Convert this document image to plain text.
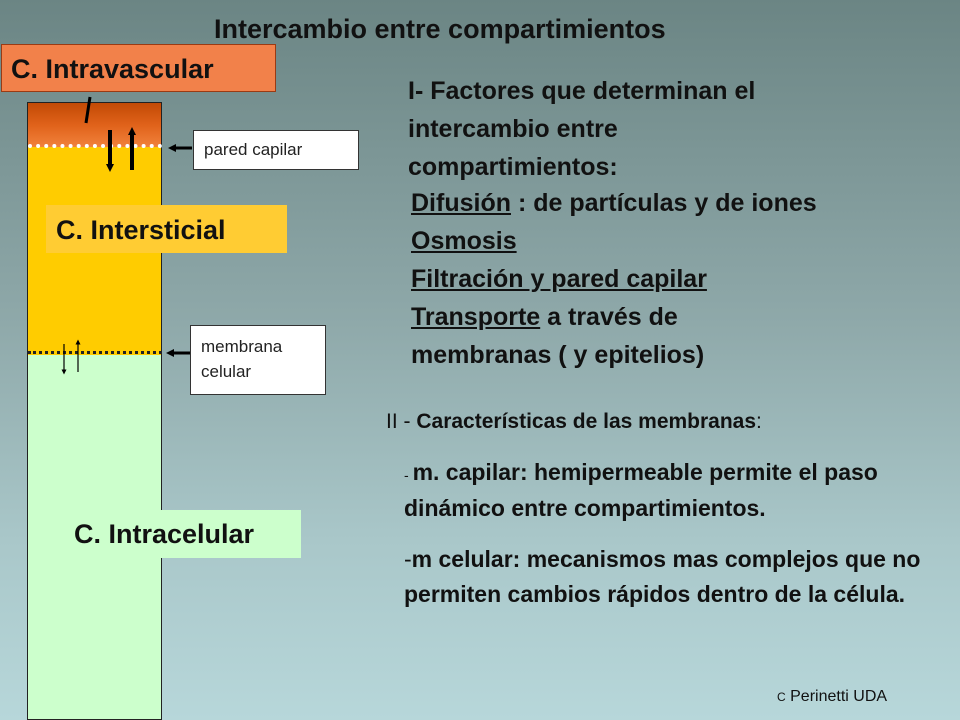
Intercambio entre compartimientos
C. Intravascular
C. Intersticial
C. Intracelular
pared capilar
membrana
celular
I- Factores que determinan el
intercambio entre
compartimientos:
Difusión : de partículas y de iones
Osmosis
Filtración y pared capilar
Transporte a través de
membranas ( y epitelios)
II - Características de las membranas:
- m. capilar: hemipermeable permite el paso dinámico entre compartimientos.
-m celular: mecanismos mas complejos que no permiten cambios rápidos dentro de la célula.
C Perinetti UDA
